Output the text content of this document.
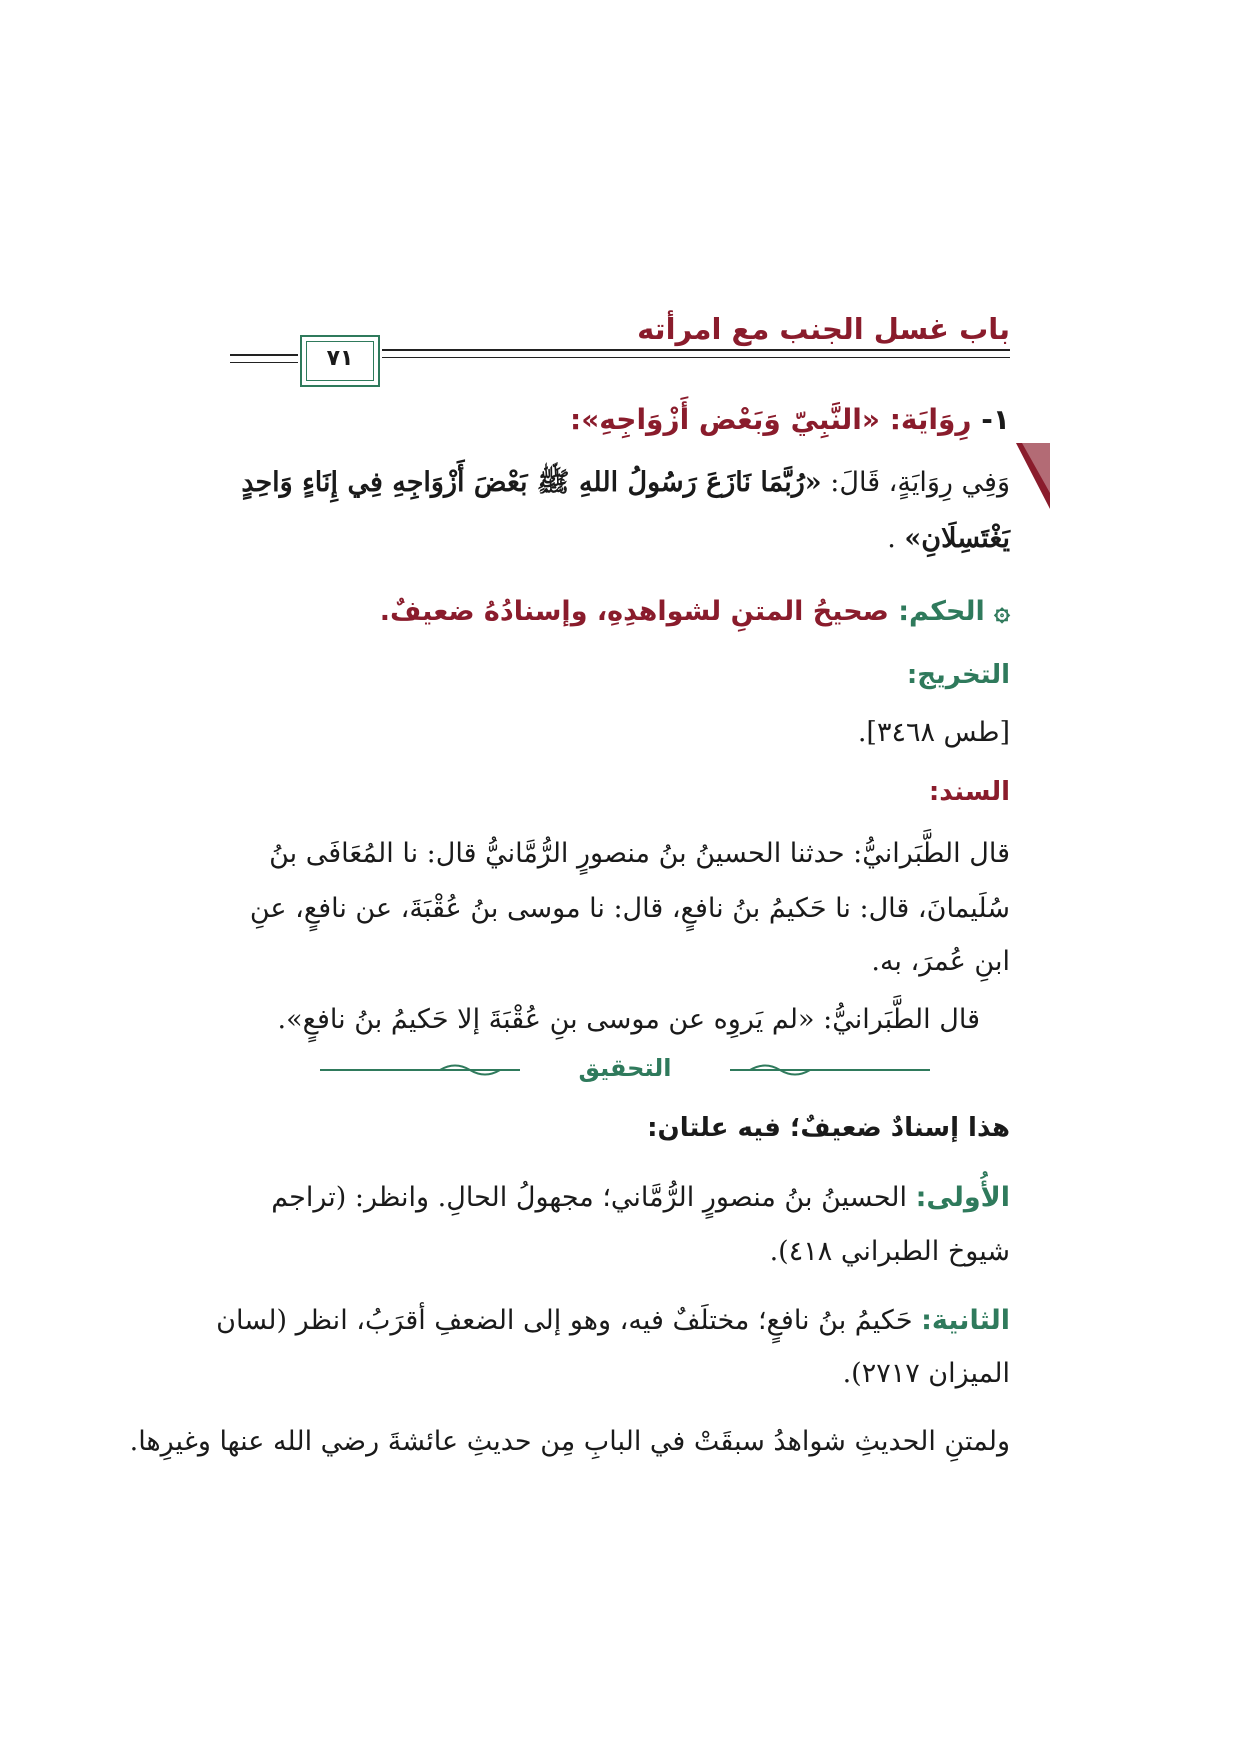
باب غسل الجنب مع امرأته
٧١
١- رِوَايَة: «النَّبِيّ وَبَعْض أَزْوَاجِهِ»:
وَفِي رِوَايَةٍ، قَالَ: «رُبَّمَا نَازَعَ رَسُولُ اللهِ ﷺ بَعْضَ أَزْوَاجِهِ فِي إِنَاءٍ وَاحِدٍ
يَغْتَسِلَانِ» .
۞ الحكم: صحيحُ المتنِ لشواهدِهِ، وإسنادُهُ ضعيفٌ.
التخريج:
[طس ٣٤٦٨].
السند:
قال الطَّبَرانيُّ: حدثنا الحسينُ بنُ منصورٍ الرُّمَّانيُّ قال: نا المُعَافَى بنُ
سُلَيمانَ، قال: نا حَكيمُ بنُ نافعٍ، قال: نا موسى بنُ عُقْبَةَ، عن نافعٍ، عنِ
ابنِ عُمرَ، به.
قال الطَّبَرانيُّ: «لم يَروِه عن موسى بنِ عُقْبَةَ إلا حَكيمُ بنُ نافعٍ».
التحقيق
هذا إسنادٌ ضعيفٌ؛ فيه علتان:
الأُولى: الحسينُ بنُ منصورٍ الرُّمَّاني؛ مجهولُ الحالِ. وانظر: (تراجم
شيوخ الطبراني ٤١٨).
الثانية: حَكيمُ بنُ نافعٍ؛ مختلَفٌ فيه، وهو إلى الضعفِ أقرَبُ، انظر (لسان
الميزان ٢٧١٧).
ولمتنِ الحديثِ شواهدُ سبقَتْ في البابِ مِن حديثِ عائشةَ رضي الله عنها وغيرِها.
